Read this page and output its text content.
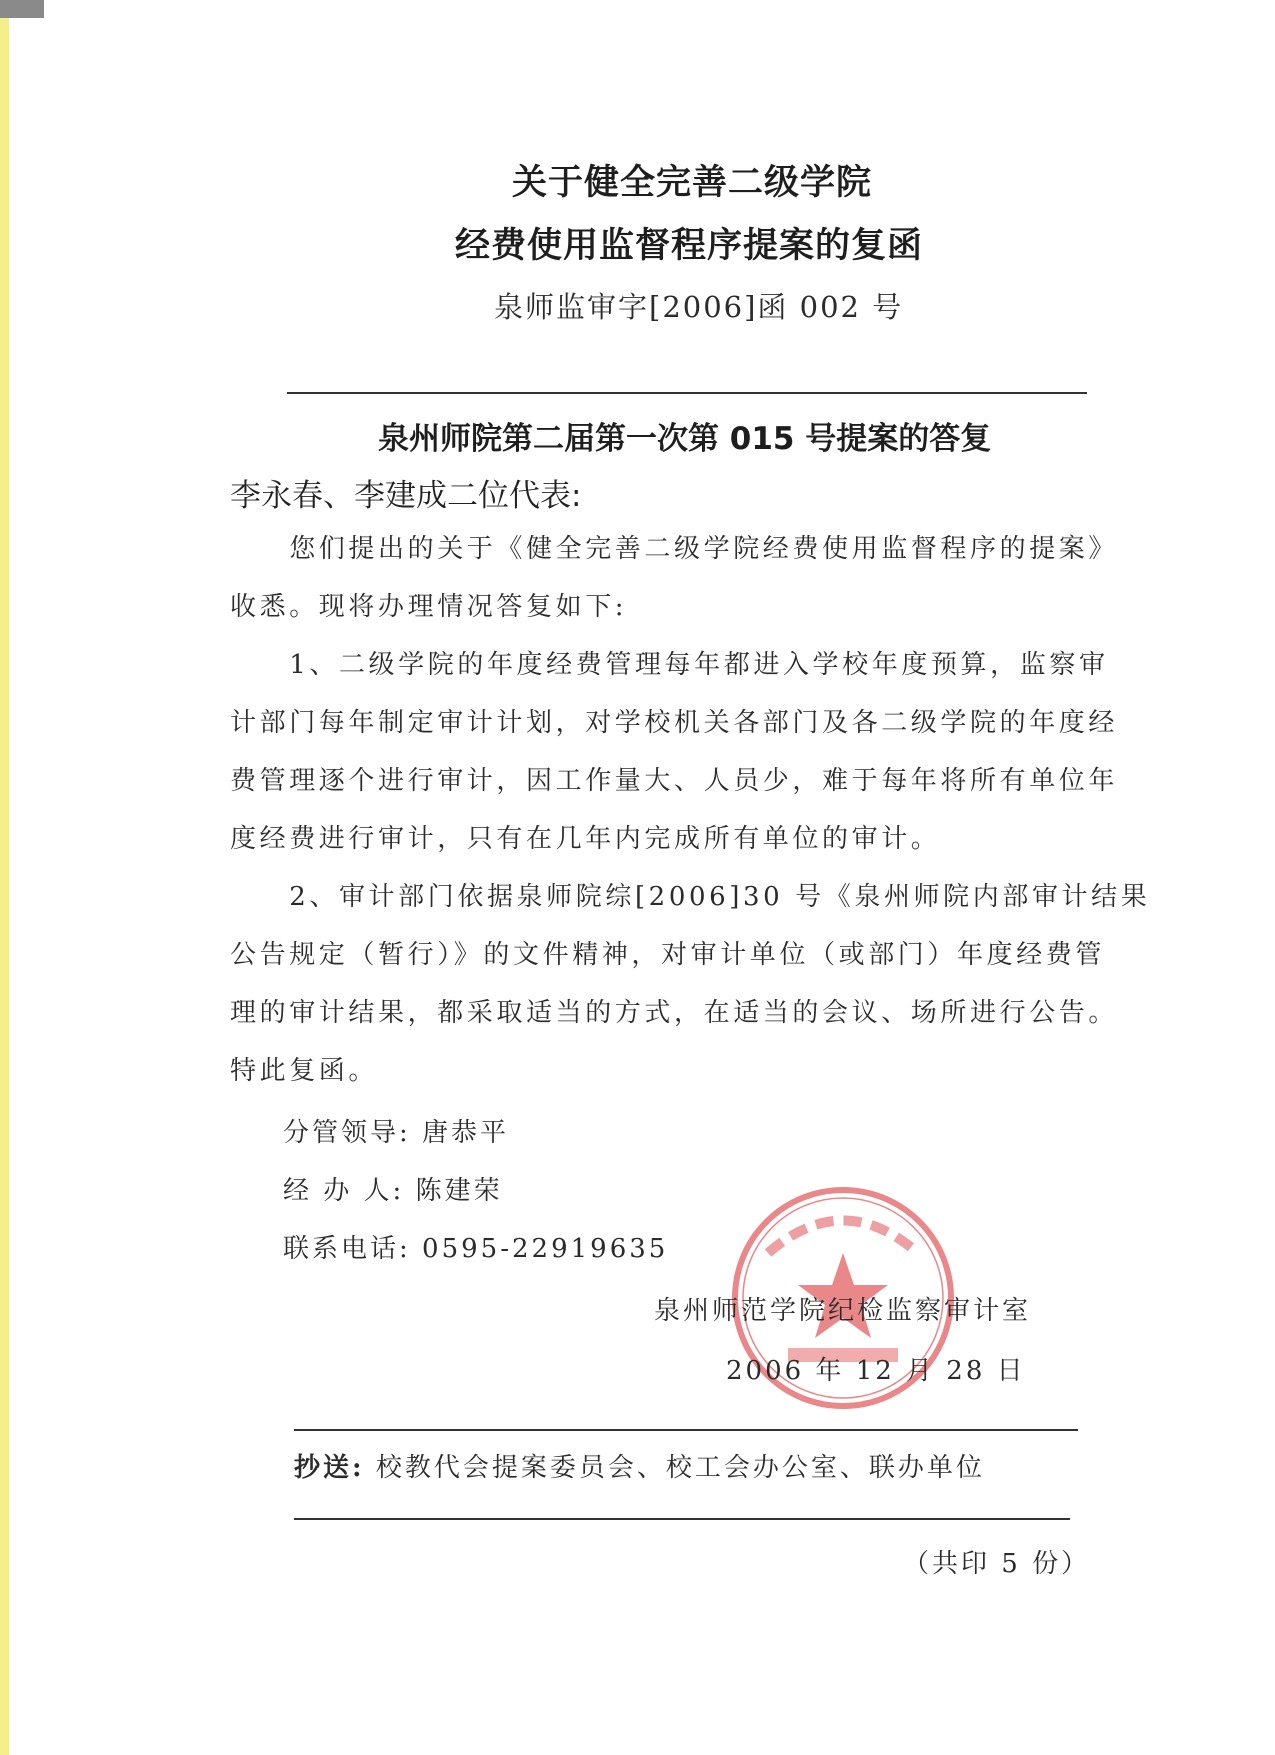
关于健全完善二级学院
经费使用监督程序提案的复函
泉师监审字[2006]函 002 号
泉州师院第二届第一次第 015 号提案的答复
李永春、李建成二位代表:
　　您们提出的关于《健全完善二级学院经费使用监督程序的提案》
收悉。现将办理情况答复如下:
　　1、二级学院的年度经费管理每年都进入学校年度预算，监察审
计部门每年制定审计计划，对学校机关各部门及各二级学院的年度经
费管理逐个进行审计，因工作量大、人员少，难于每年将所有单位年
度经费进行审计，只有在几年内完成所有单位的审计。
　　2、审计部门依据泉师院综[2006]30 号《泉州师院内部审计结果
公告规定（暂行）》的文件精神，对审计单位（或部门）年度经费管
理的审计结果，都采取适当的方式，在适当的会议、场所进行公告。
特此复函。
分管领导: 唐恭平
经 办 人: 陈建荣
联系电话: 0595-22919635
泉州师范学院纪检监察审计室
2006 年 12 月 28 日
抄送: 校教代会提案委员会、校工会办公室、联办单位
（共印 5 份）
